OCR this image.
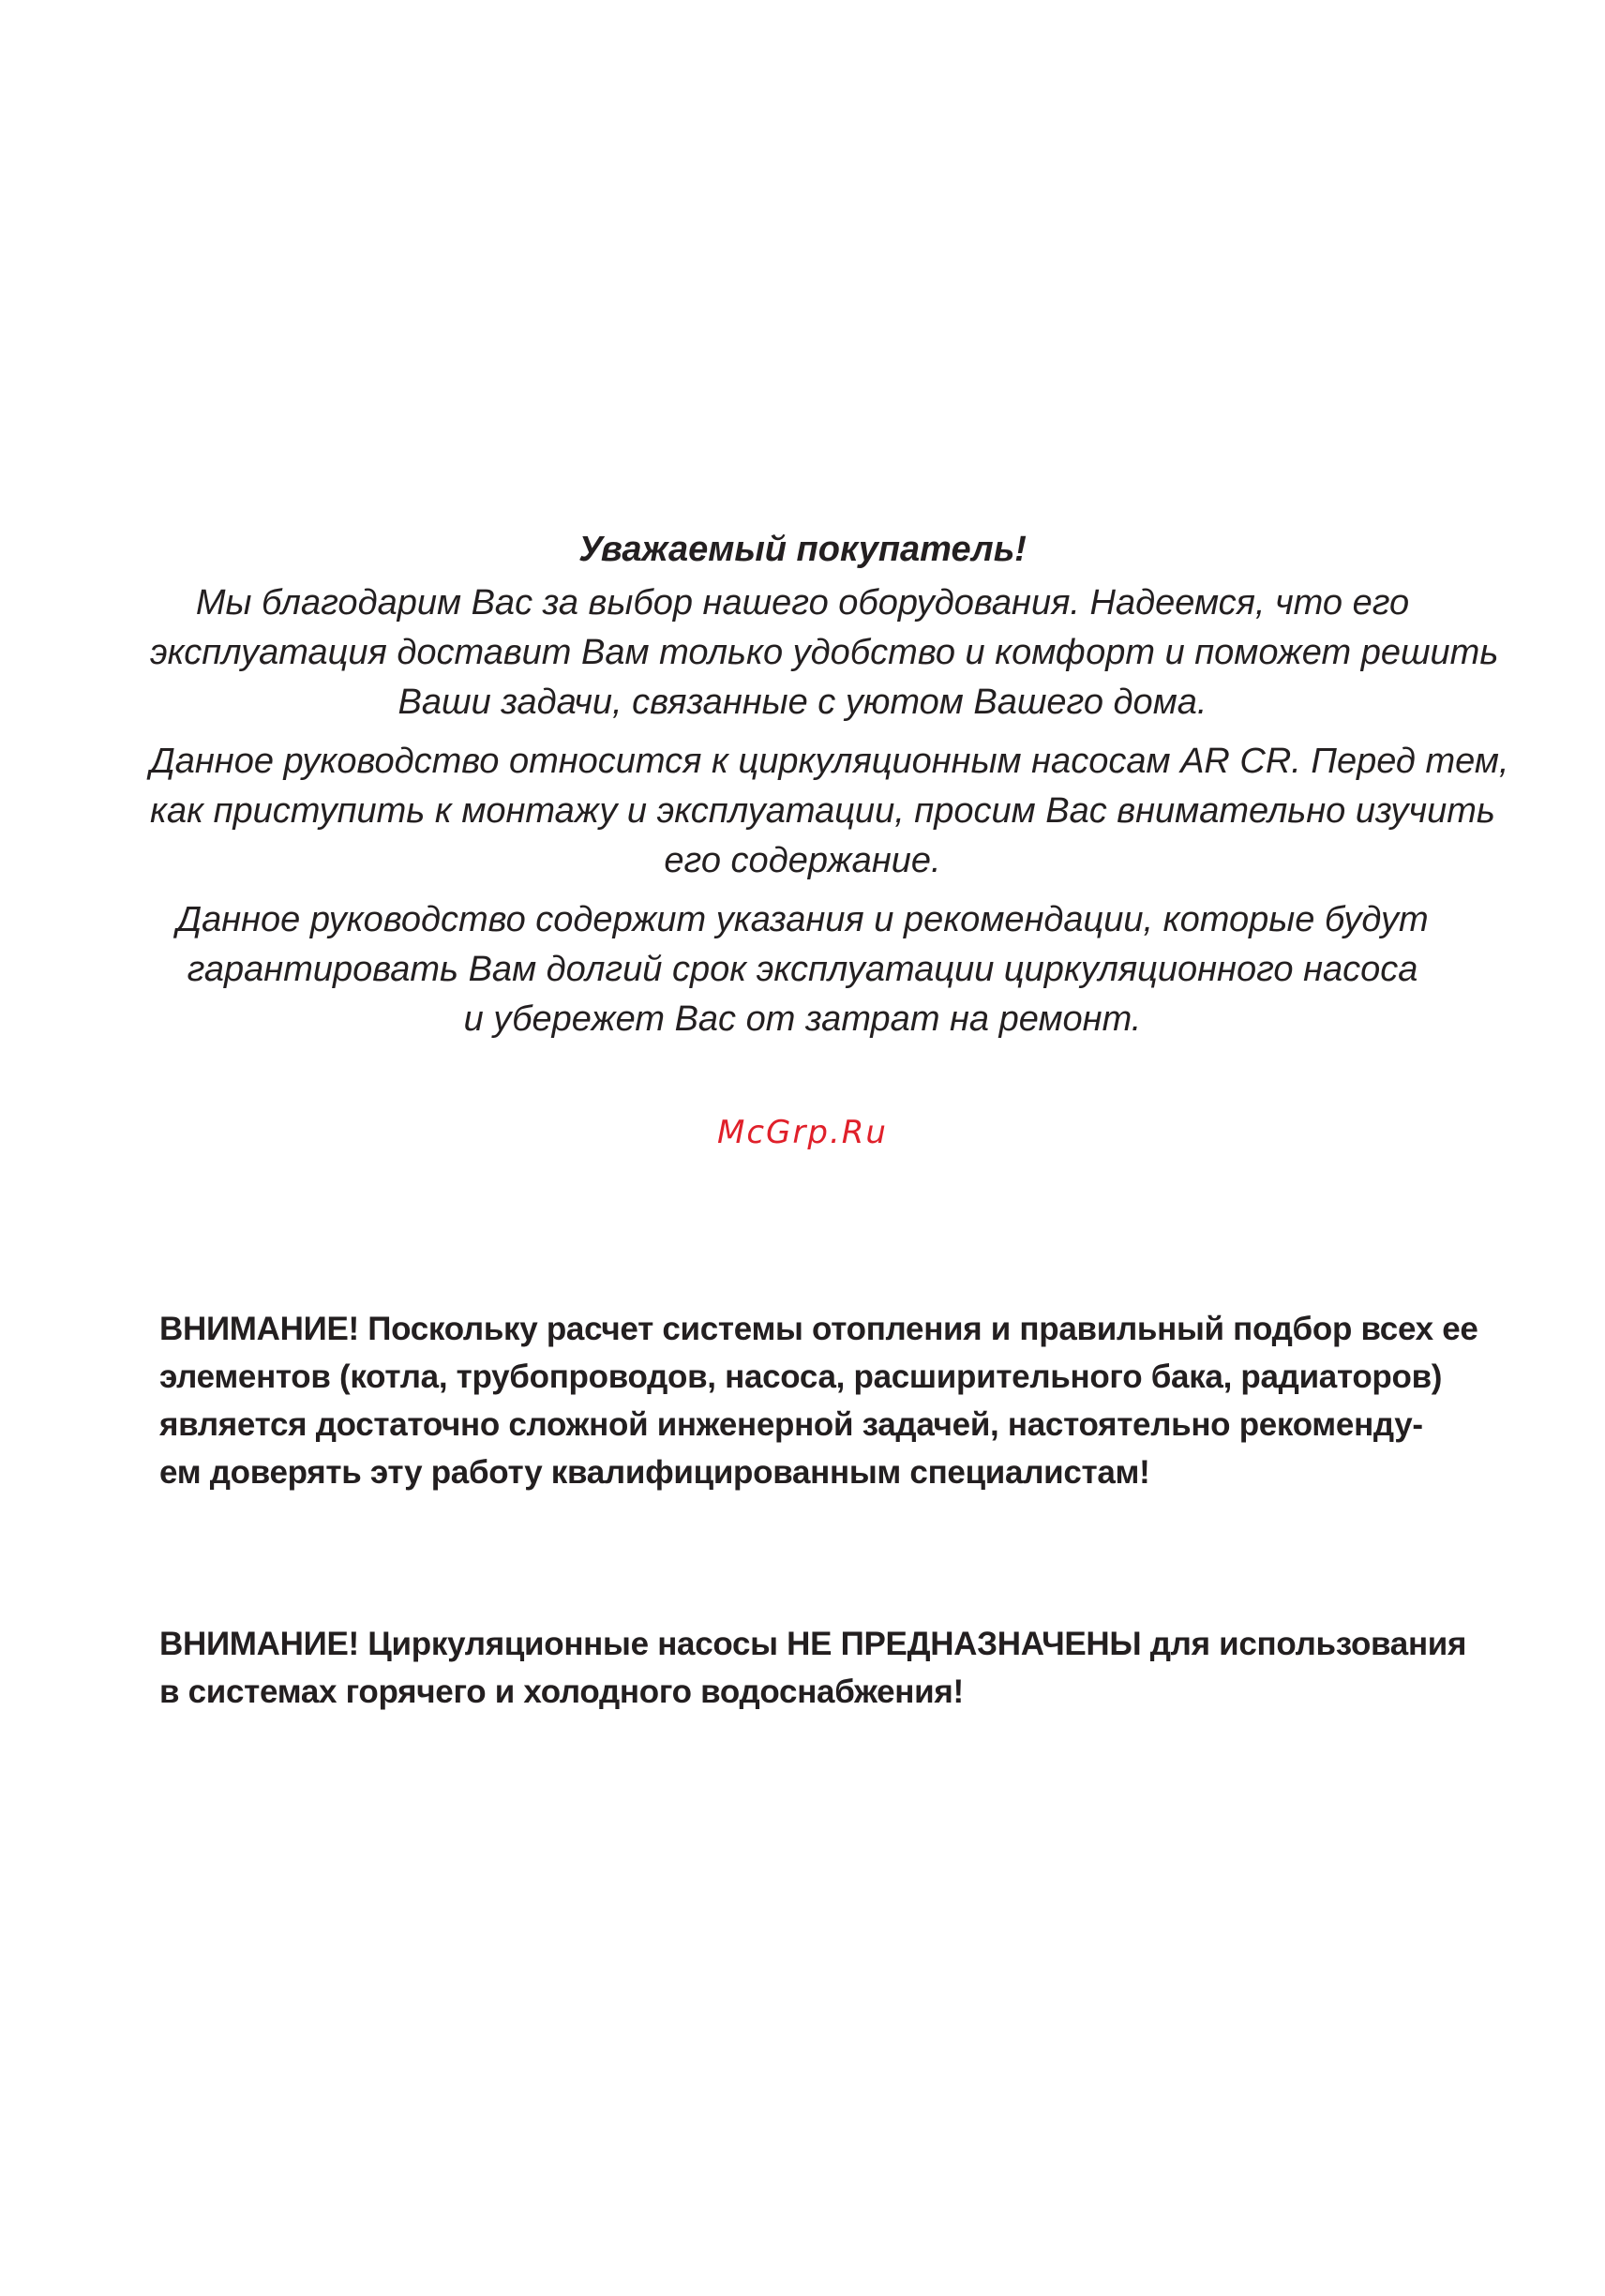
Уважаемый покупатель!

Мы благодарим Вас за выбор нашего оборудования. Надеемся, что его
эксплуатация доставит Вам только удобство и комфорт и поможет решить
Ваши задачи, связанные с уютом Вашего дома.

Данное руководство относится к циркуляционным насосам AR CR. Перед тем,
как приступить к монтажу и эксплуатации, просим Вас внимательно изучить
его содержание.

Данное руководство содержит указания и рекомендации, которые будут
гарантировать Вам долгий срок эксплуатации циркуляционного насоса
и убережет Вас от затрат на ремонт.

McGrp.Ru
ВНИМАНИЕ! Поскольку расчет системы отопления и правильный подбор всех ее
элементов (котла, трубопроводов, насоса, расширительного бака, радиаторов)
является достаточно сложной инженерной задачей, настоятельно рекоменду-
ем доверять эту работу квалифицированным специалистам!
ВНИМАНИЕ! Циркуляционные насосы НЕ ПРЕДНАЗНАЧЕНЫ для использования
в системах горячего и холодного водоснабжения!
